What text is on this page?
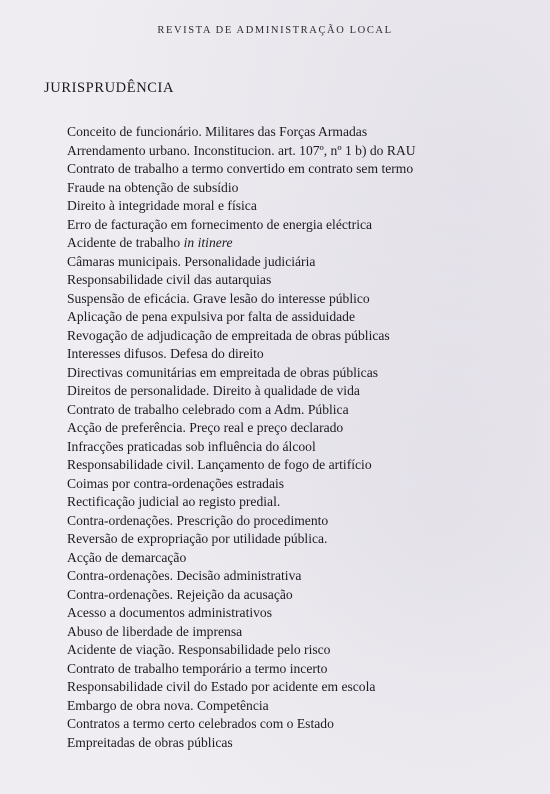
REVISTA DE ADMINISTRAÇÃO LOCAL
JURISPRUDÊNCIA
Conceito de funcionário. Militares das Forças Armadas
Arrendamento urbano. Inconstitucion. art. 107º, nº 1 b) do RAU
Contrato de trabalho a termo convertido em contrato sem termo
Fraude na obtenção de subsídio
Direito à integridade moral e física
Erro de facturação em fornecimento de energia eléctrica
Acidente de trabalho in itinere
Câmaras municipais. Personalidade judiciária
Responsabilidade civil das autarquias
Suspensão de eficácia. Grave lesão do interesse público
Aplicação de pena expulsiva por falta de assiduidade
Revogação de adjudicação de empreitada de obras públicas
Interesses difusos. Defesa do direito
Directivas comunitárias em empreitada de obras públicas
Direitos de personalidade. Direito à qualidade de vida
Contrato de trabalho celebrado com a Adm. Pública
Acção de preferência. Preço real e preço declarado
Infracções praticadas sob influência do álcool
Responsabilidade civil. Lançamento de fogo de artifício
Coimas por contra-ordenações estradais
Rectificação judicial ao registo predial.
Contra-ordenações. Prescrição do procedimento
Reversão de expropriação por utilidade pública.
Acção de demarcação
Contra-ordenações. Decisão administrativa
Contra-ordenações. Rejeição da acusação
Acesso a documentos administrativos
Abuso de liberdade de imprensa
Acidente de viação. Responsabilidade pelo risco
Contrato de trabalho temporário a termo incerto
Responsabilidade civil do Estado por acidente em escola
Embargo de obra nova. Competência
Contratos a termo certo celebrados com o Estado
Empreitadas de obras públicas
